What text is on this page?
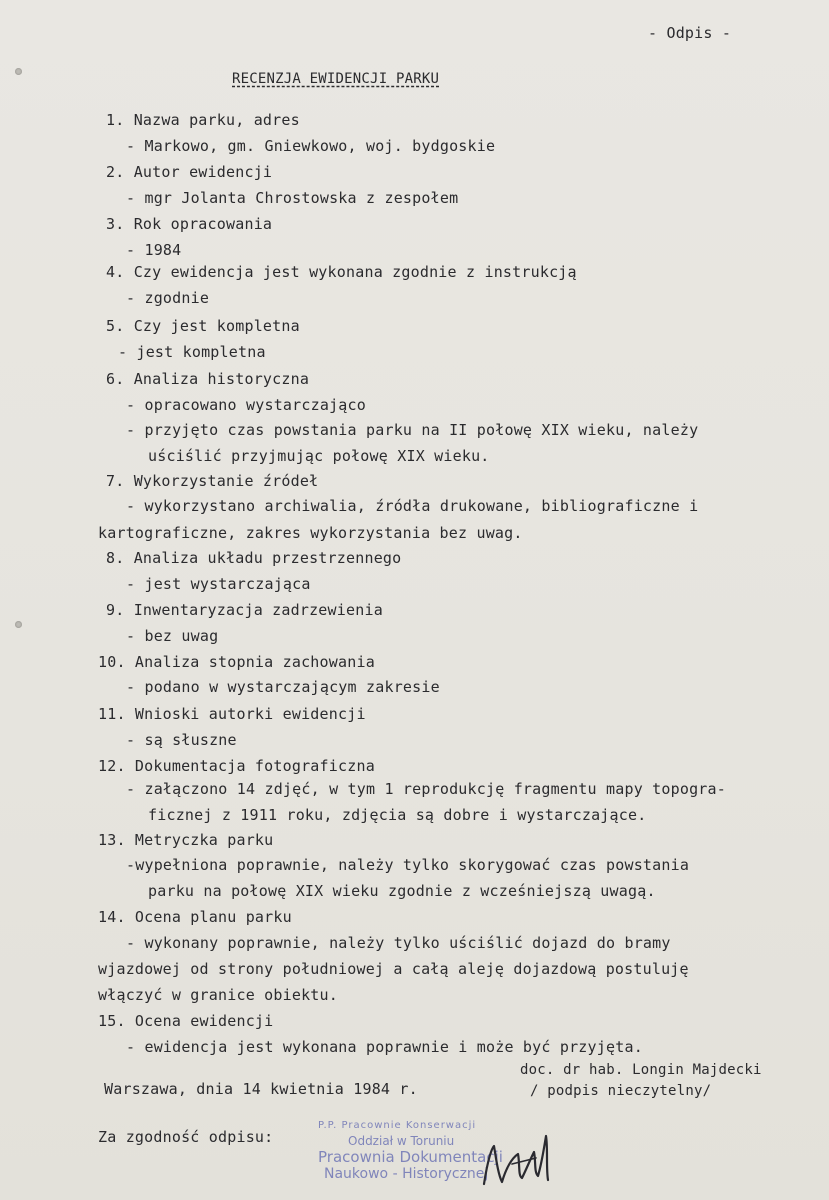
- Odpis -
RECENZJA EWIDENCJI PARKU
1. Nazwa parku, adres
- Markowo, gm. Gniewkowo, woj. bydgoskie
2. Autor ewidencji
- mgr Jolanta Chrostowska z zespołem
3. Rok opracowania
- 1984
4. Czy ewidencja jest wykonana zgodnie z instrukcją
- zgodnie
5. Czy jest kompletna
- jest kompletna
6. Analiza historyczna
- opracowano wystarczająco
- przyjęto czas powstania parku na II połowę XIX wieku, należy
uściślić przyjmując połowę XIX wieku.
7. Wykorzystanie źródeł
- wykorzystano archiwalia, źródła drukowane, bibliograficzne i
kartograficzne, zakres wykorzystania bez uwag.
8. Analiza układu przestrzennego
- jest wystarczająca
9. Inwentaryzacja zadrzewienia
- bez uwag
10. Analiza stopnia zachowania
- podano w wystarczającym zakresie
11. Wnioski autorki ewidencji
- są słuszne
12. Dokumentacja fotograficzna
- załączono 14 zdjęć, w tym 1 reprodukcję fragmentu mapy topogra-
ficznej z 1911 roku, zdjęcia są dobre i wystarczające.
13. Metryczka parku
-wypełniona poprawnie, należy tylko skorygować czas powstania
parku na połowę XIX wieku zgodnie z wcześniejszą uwagą.
14. Ocena planu parku
- wykonany poprawnie, należy tylko uściślić dojazd do bramy
wjazdowej od strony południowej a całą aleję dojazdową postuluję
włączyć w granice obiektu.
15. Ocena ewidencji
- ewidencja jest wykonana poprawnie i może być przyjęta.
doc. dr hab. Longin Majdecki
Warszawa, dnia 14 kwietnia 1984 r.	/ podpis nieczytelny/
Za zgodność odpisu:

P.P. Pracownie Konserwacji

Oddział w Toruniu

Pracownia Dokumentacji

Naukowo - Historycznej
